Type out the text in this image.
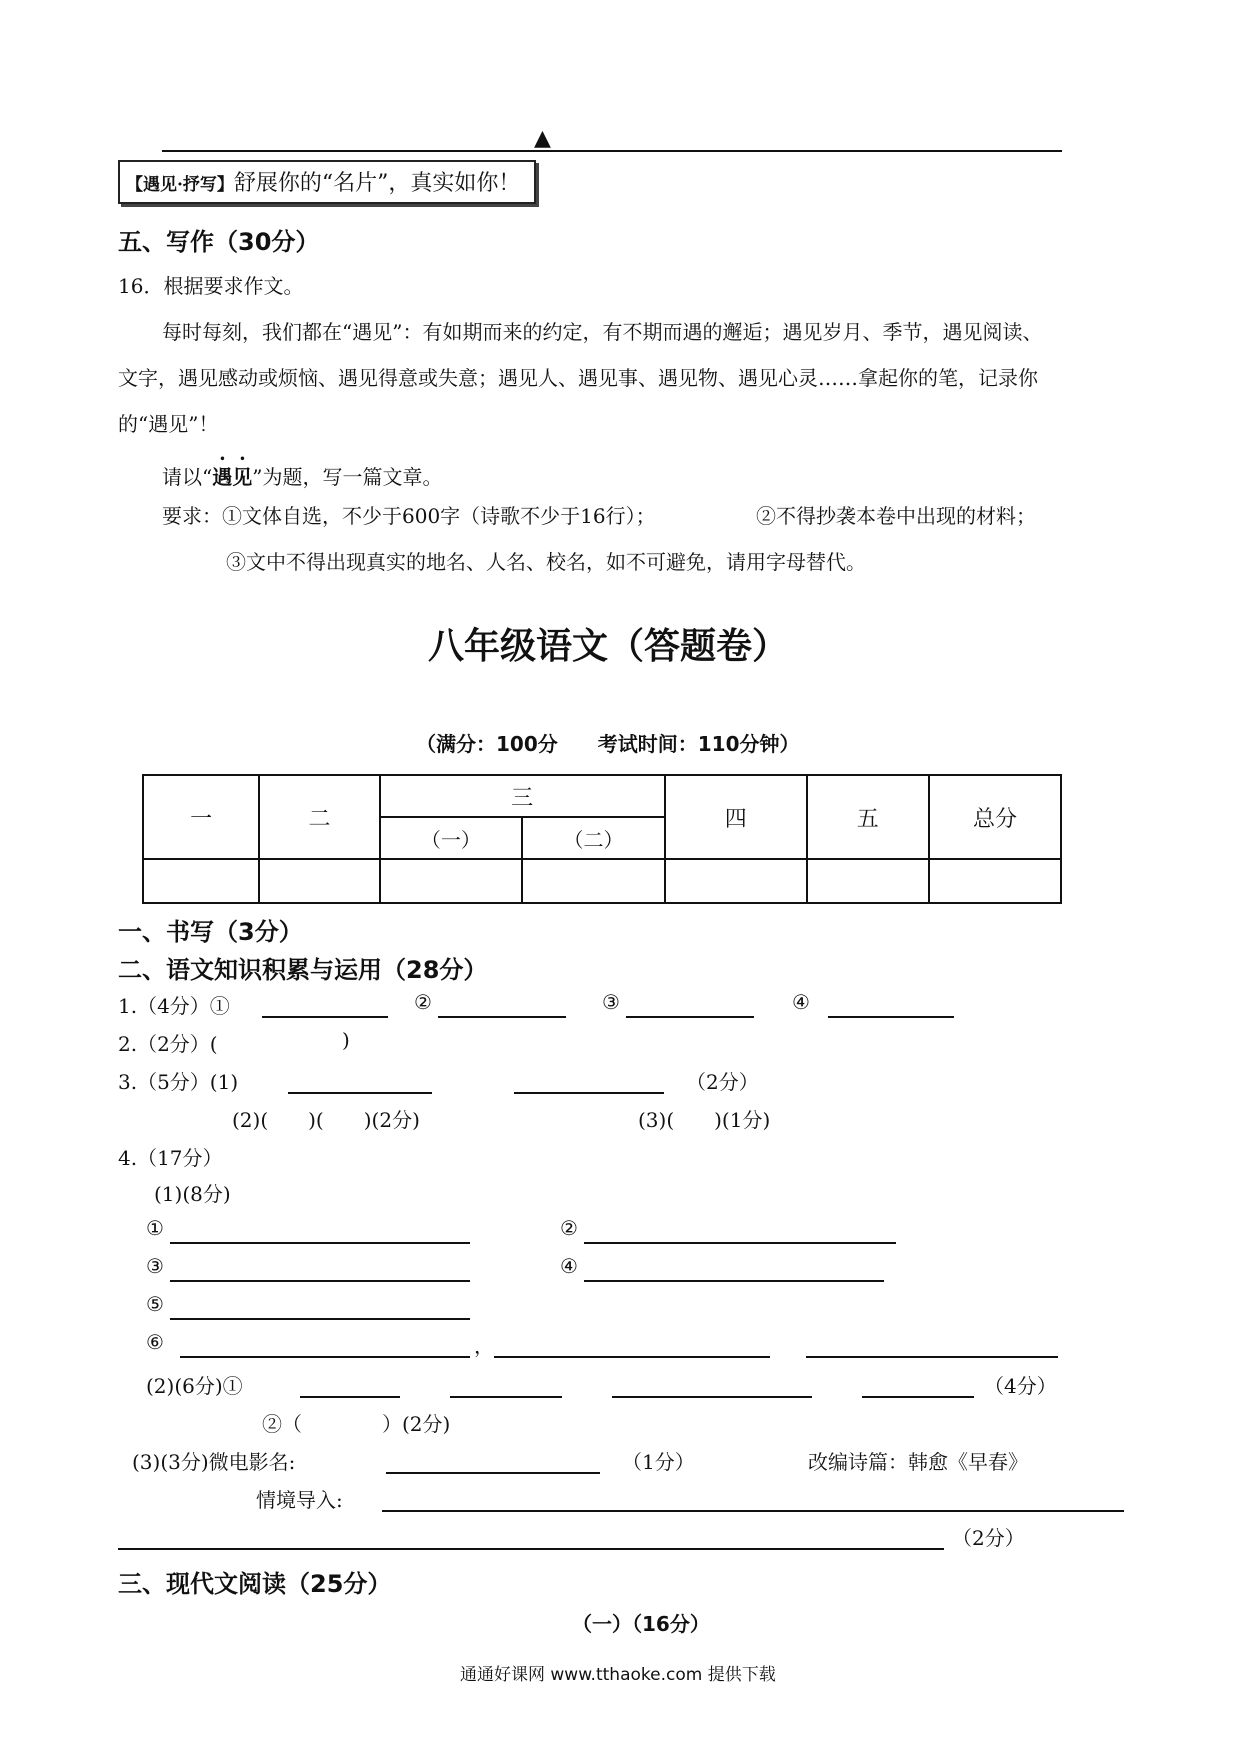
▲
【遇见·抒写】舒展你的“名片”，真实如你！
五、写作（30分）
16．根据要求作文。
每时每刻，我们都在“遇见”：有如期而来的约定，有不期而遇的邂逅；遇见岁月、季节，遇见阅读、
文字，遇见感动或烦恼、遇见得意或失意；遇见人、遇见事、遇见物、遇见心灵……拿起你的笔，记录你
的“遇见”！
请以“遇见”为题，写一篇文章。
要求：①文体自选，不少于600字（诗歌不少于16行）；	②不得抄袭本卷中出现的材料；
③文中不得出现真实的地名、人名、校名，如不可避免，请用字母替代。
八年级语文（答题卷）
（满分：100分　　考试时间：110分钟）
一	二	三		四	五	总分
		（一）	（二）			

一、书写（3分）
二、语文知识积累与运用（28分）
1.（4分）①	②	③	④
2.（2分）(	)
3.（5分）(1)	（2分）
(2)(　　)(　　)(2分)	(3)(　　)(1分)
4.（17分）
(1)(8分)
①	②
③	④
⑤
⑥	，
(2)(6分)①	（4分）
②（　　　　）(2分)
(3)(3分)微电影名:	（1分）	改编诗篇：韩愈《早春》
情境导入:
（2分）
三、现代文阅读（25分）
（一）（16分）
通通好课网 www.tthaoke.com 提供下载
